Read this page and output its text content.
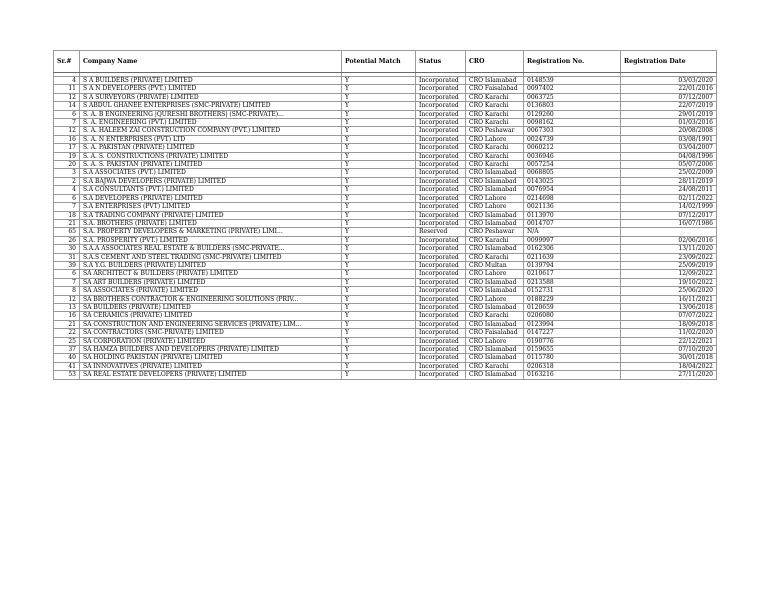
Sr.#	Company Name	Potential Match	Status	CRO	Registration No.	Registration Date

4	S A BUILDERS (PRIVATE) LIMITED	Y	Incorporated	CRO Islamabad	0148539	03/03/2020
11	S A N DEVELOPERS (PVT.) LIMITED	Y	Incorporated	CRO Faisalabad	0097402	22/01/2016
12	S A SURVEYORS (PRIVATE) LIMITED	Y	Incorporated	CRO Karachi	0063725	07/12/2007
14	S ABDUL GHANEE ENTERPRISES (SMC-PRIVATE) LIMITED	Y	Incorporated	CRO Karachi	0136803	22/07/2019
6	S. A. B ENGINEERING |QURESHI BROTHERS| (SMC-PRIVATE)...	Y	Incorporated	CRO Karachi	0129260	29/01/2019
7	S. A. ENGINEERING (PVT.) LIMITED	Y	Incorporated	CRO Karachi	0098162	01/03/2016
12	S. A. HALEEM ZAI CONSTRUCTION COMPANY (PVT.) LIMITED	Y	Incorporated	CRO Peshawar	0067303	20/08/2008
16	S. A. N ENTERPRISES (PVT) LTD	Y	Incorporated	CRO Lahore	0024739	03/08/1991
17	S. A. PAKISTAN (PRIVATE) LIMITED	Y	Incorporated	CRO Karachi	0060212	03/04/2007
19	S. A. S. CONSTRUCTIONS (PRIVATE) LIMITED	Y	Incorporated	CRO Karachi	0036946	04/08/1996
20	S. A. S. PAKISTAN (PRIVATE) LIMITED	Y	Incorporated	CRO Karachi	0057254	05/07/2006
3	S.A ASSOCIATES (PVT.) LIMITED	Y	Incorporated	CRO Islamabad	0068805	25/02/2009
2	S.A BAJWA DEVELOPERS (PRIVATE) LIMITED	Y	Incorporated	CRO Islamabad	0143025	28/11/2019
4	S.A CONSULTANTS (PVT.) LIMITED	Y	Incorporated	CRO Islamabad	0076954	24/08/2011
6	S.A DEVELOPERS (PRIVATE) LIMITED	Y	Incorporated	CRO Lahore	0214698	02/11/2022
7	S.A ENTERPRISES (PVT) LIMITED	Y	Incorporated	CRO Lahore	0021136	14/02/1999
18	S.A TRADING COMPANY (PRIVATE) LIMITED	Y	Incorporated	CRO Islamabad	0113970	07/12/2017
21	S.A. BROTHERS (PRIVATE) LIMITED	Y	Incorporated	CRO Islamabad	0014707	16/07/1986
65	S.A. PROPERTY DEVELOPERS & MARKETING (PRIVATE) LIMI...	Y	Reserved	CRO Peshawar	N/A	
26	S.A. PROSPERITY (PVT.) LIMITED	Y	Incorporated	CRO Karachi	0099997	02/06/2016
30	S.A.A ASSOCIATES REAL ESTATE & BUILDERS (SMC-PRIVATE...	Y	Incorporated	CRO Islamabad	0162306	13/11/2020
31	S.A.S CEMENT AND STEEL TRADING (SMC-PRIVATE) LIMITED	Y	Incorporated	CRO Karachi	0211639	23/09/2022
39	S.A Y.G. BUILDERS (PRIVATE) LIMITED	Y	Incorporated	CRO Multan	0139794	25/09/2019
6	SA ARCHITECT & BUILDERS (PRIVATE) LIMITED	Y	Incorporated	CRO Lahore	0210617	12/09/2022
7	SA ART BUILDERS (PRIVATE) LIMITED	Y	Incorporated	CRO Islamabad	0213588	19/10/2022
8	SA ASSOCIATES (PRIVATE) LIMITED	Y	Incorporated	CRO Islamabad	0152731	25/06/2020
12	SA BROTHERS CONTRACTOR & ENGINEERING SOLUTIONS (PRIV...	Y	Incorporated	CRO Lahore	0188229	16/11/2021
13	SA BUILDERS (PRIVATE) LIMITED	Y	Incorporated	CRO Islamabad	0120659	13/06/2018
16	SA CERAMICS (PRIVATE) LIMITED	Y	Incorporated	CRO Karachi	0206080	07/07/2022
21	SA CONSTRUCTION AND ENGINEERING SERVICES (PRIVATE) LIM...	Y	Incorporated	CRO Islamabad	0123994	18/09/2018
22	SA CONTRACTORS (SMC-PRIVATE) LIMITED	Y	Incorporated	CRO Faisalabad	0147227	11/02/2020
25	SA CORPORATION (PRIVATE) LIMITED	Y	Incorporated	CRO Lahore	0190776	22/12/2021
37	SA HAMZA BUILDERS AND DEVELOPERS (PRIVATE) LIMITED	Y	Incorporated	CRO Islamabad	0159655	07/10/2020
40	SA HOLDING PAKISTAN (PRIVATE) LIMITED	Y	Incorporated	CRO Islamabad	0115780	30/01/2018
41	SA INNOVATIVES (PRIVATE) LIMITED	Y	Incorporated	CRO Karachi	0206318	18/04/2022
53	SA REAL ESTATE DEVELOPERS (PRIVATE) LIMITED	Y	Incorporated	CRO Islamabad	0163216	27/11/2020
